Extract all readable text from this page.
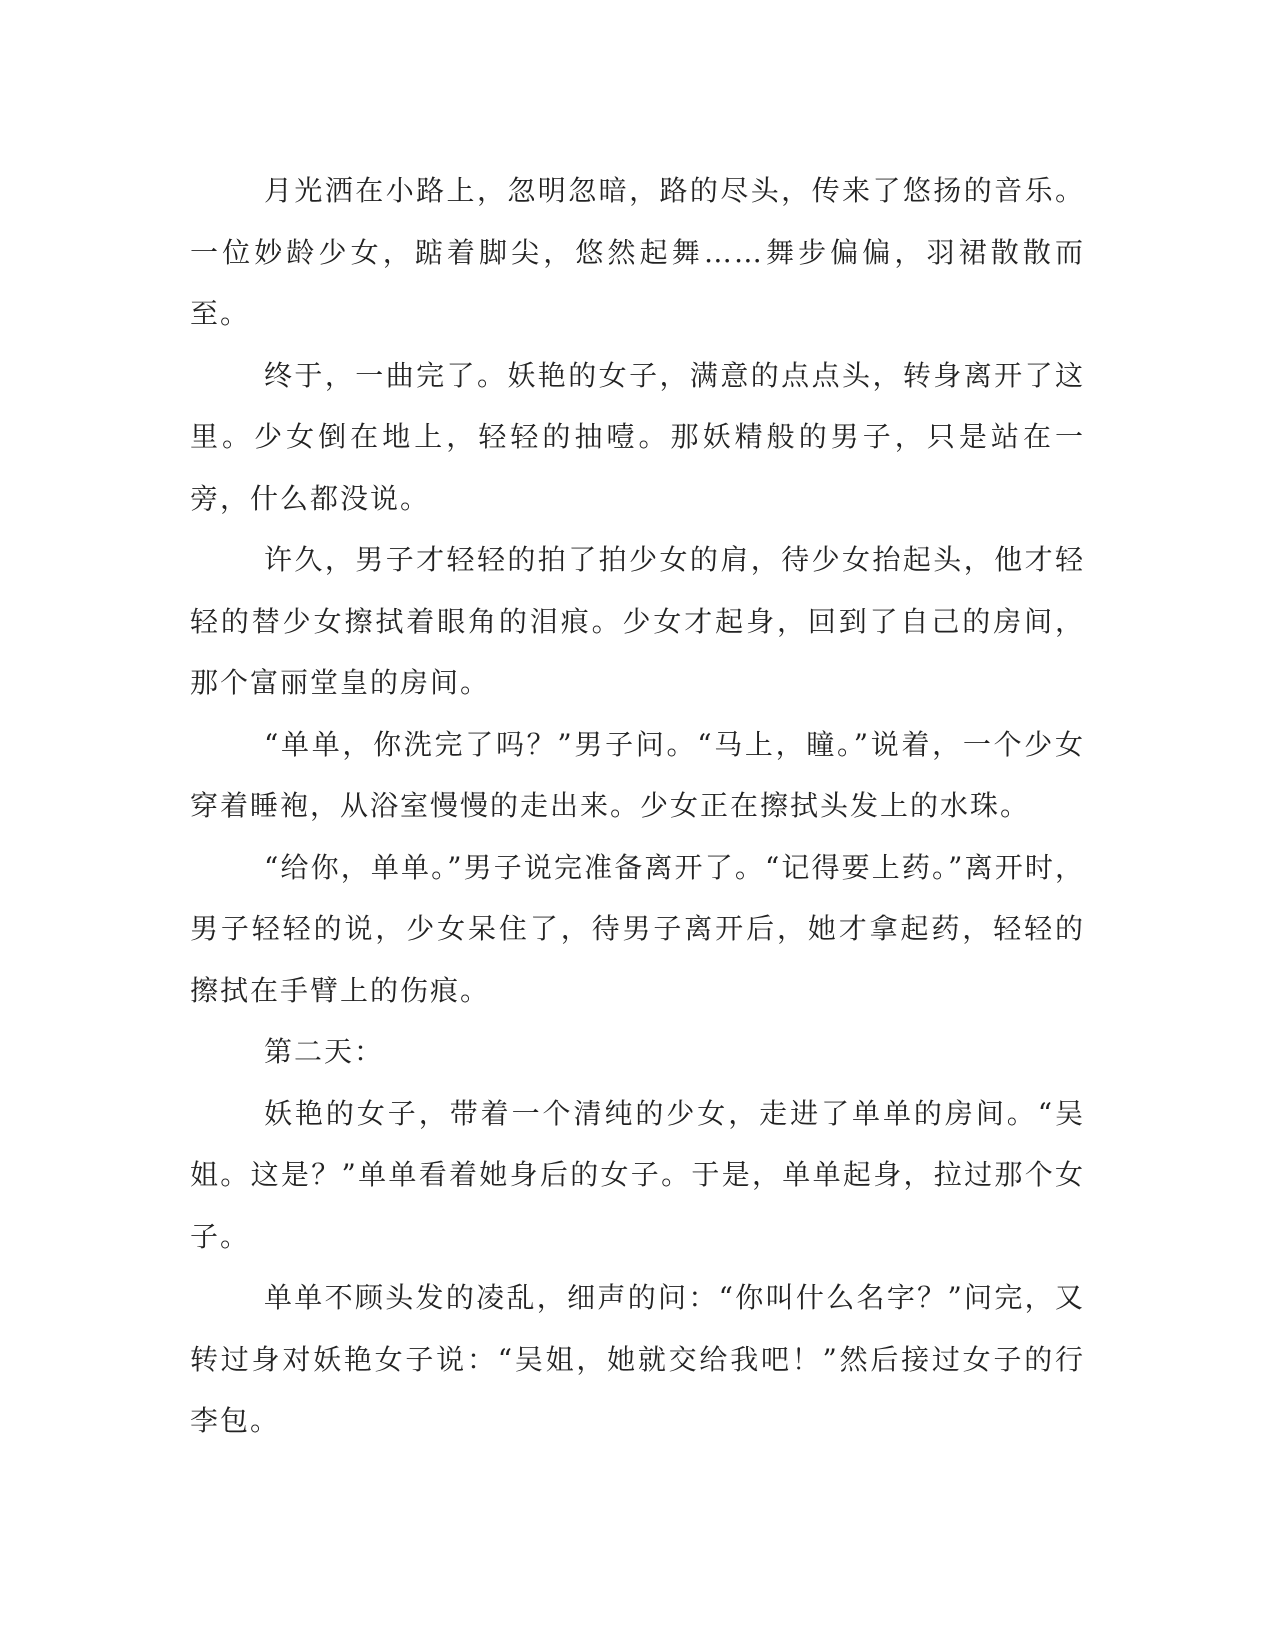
月光洒在小路上，忽明忽暗，路的尽头，传来了悠扬的音乐。一位妙龄少女，踮着脚尖，悠然起舞……舞步偏偏，羽裙散散而至。

终于，一曲完了。妖艳的女子，满意的点点头，转身离开了这里。少女倒在地上，轻轻的抽噎。那妖精般的男子，只是站在一旁，什么都没说。

许久，男子才轻轻的拍了拍少女的肩，待少女抬起头，他才轻轻的替少女擦拭着眼角的泪痕。少女才起身，回到了自己的房间，那个富丽堂皇的房间。

“单单，你洗完了吗？”男子问。“马上，瞳。”说着，一个少女穿着睡袍，从浴室慢慢的走出来。少女正在擦拭头发上的水珠。

“给你，单单。”男子说完准备离开了。“记得要上药。”离开时，男子轻轻的说，少女呆住了，待男子离开后，她才拿起药，轻轻的擦拭在手臂上的伤痕。

第二天：

妖艳的女子，带着一个清纯的少女，走进了单单的房间。“吴姐。这是？”单单看着她身后的女子。于是，单单起身，拉过那个女子。

单单不顾头发的凌乱，细声的问：“你叫什么名字？”问完，又转过身对妖艳女子说：“吴姐，她就交给我吧！”然后接过女子的行李包。
